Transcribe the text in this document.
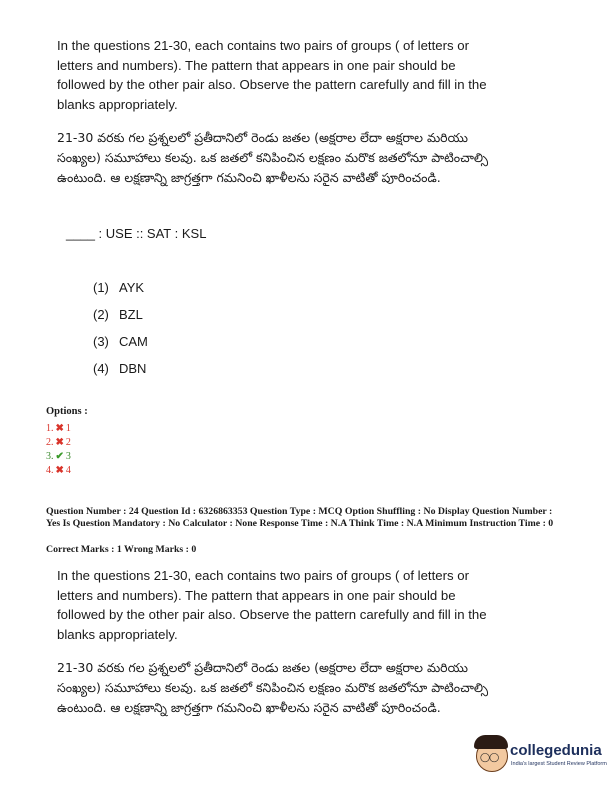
In the questions 21-30, each contains two pairs of groups ( of letters or letters and numbers). The pattern that appears in one pair should be followed by the other pair also. Observe the pattern carefully and fill in the blanks appropriately.

21-30 వరకు గల ప్రశ్నలలో ప్రతీదానిలో రెండు జతల (అక్షరాల లేదా అక్షరాల మరియు సంఖ్యల) సమూహాలు కలవు. ఒక జతలో కనిపించిన లక్షణం మరొక జతలోనూ పాటించాల్సి ఉంటుంది. ఆ లక్షణాన్ని జాగ్రత్తగా గమనించి ఖాళీలను సరైన వాటితో పూరించండి.

____ : USE :: SAT : KSL
(1) AYK
(2) BZL
(3) CAM
(4) DBN
Options :
1. ✖ 1
2. ✖ 2
3. ✔ 3
4. ✖ 4

Question Number : 24 Question Id : 6326863353 Question Type : MCQ Option Shuffling : No Display Question Number : Yes Is Question Mandatory : No Calculator : None Response Time : N.A Think Time : N.A Minimum Instruction Time : 0

Correct Marks : 1 Wrong Marks : 0

In the questions 21-30, each contains two pairs of groups ( of letters or letters and numbers). The pattern that appears in one pair should be followed by the other pair also. Observe the pattern carefully and fill in the blanks appropriately.

21-30 వరకు గల ప్రశ్నలలో ప్రతీదానిలో రెండు జతల (అక్షరాల లేదా అక్షరాల మరియు సంఖ్యల) సమూహాలు కలవు. ఒక జతలో కనిపించిన లక్షణం మరొక జతలోనూ పాటించాల్సి ఉంటుంది. ఆ లక్షణాన్ని జాగ్రత్తగా గమనించి ఖాళీలను సరైన వాటితో పూరించండి.

◯◯ collegedunia
India's largest Student Review Platform
